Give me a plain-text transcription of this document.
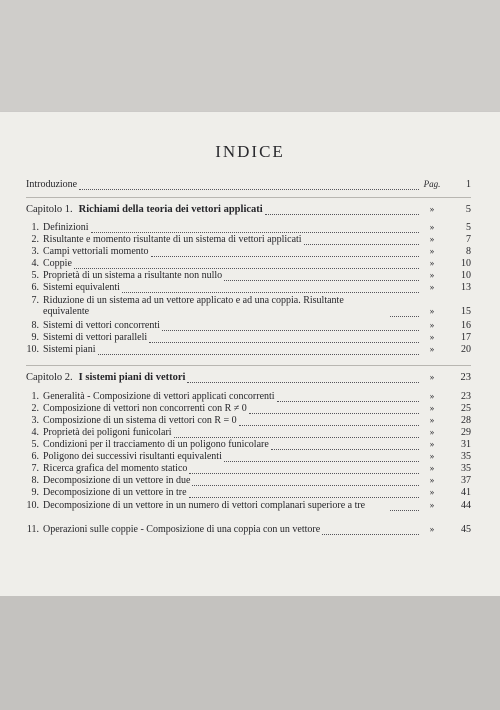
INDICE
Introduzione	Pag.	1
Capitolo 1. Richiami della teoria dei vettori applicati	»	5
1. Definizioni	»	5
2. Risultante e momento risultante di un sistema di vettori applicati	»	7
3. Campi vettoriali momento	»	8
4. Coppie	»	10
5. Proprietà di un sistema a risultante non nullo	»	10
6. Sistemi equivalenti	»	13
7. Riduzione di un sistema ad un vettore applicato e ad una coppia. Risultante equivalente	»	15
8. Sistemi di vettori concorrenti	»	16
9. Sistemi di vettori paralleli	»	17
10. Sistemi piani	»	20
Capitolo 2. I sistemi piani di vettori	»	23
1. Generalità - Composizione di vettori applicati concorrenti	»	23
2. Composizione di vettori non concorrenti con R ≠ 0	»	25
3. Composizione di un sistema di vettori con R = 0	»	28
4. Proprietà dei poligoni funicolari	»	29
5. Condizioni per il tracciamento di un poligono funicolare	»	31
6. Poligono dei successivi risultanti equivalenti	»	35
7. Ricerca grafica del momento statico	»	35
8. Decomposizione di un vettore in due	»	37
9. Decomposizione di un vettore in tre	»	41
10. Decomposizione di un vettore in un numero di vettori complanari superiore a tre	»	44
11. Operazioni sulle coppie - Composizione di una coppia con un vettore	»	45
